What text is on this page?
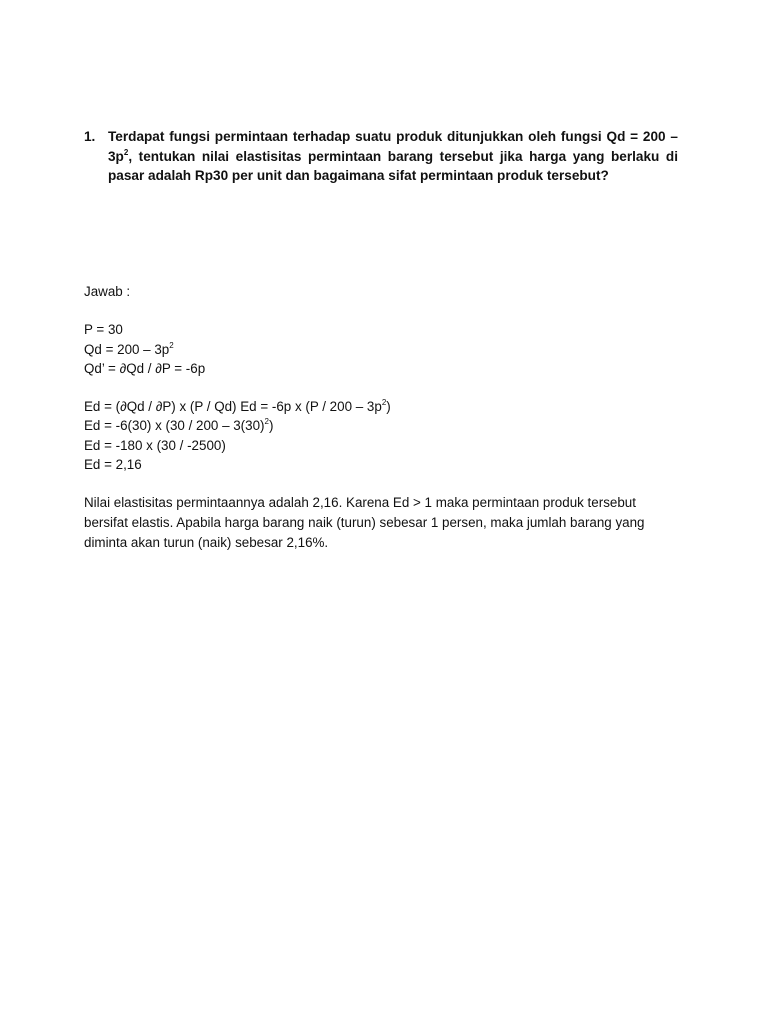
1. Terdapat fungsi permintaan terhadap suatu produk ditunjukkan oleh fungsi $Qd = 200 - 3p^2$, tentukan nilai elastisitas permintaan barang tersebut jika harga yang berlaku di pasar adalah Rp30 per unit dan bagaimana sifat permintaan produk tersebut?
Jawab :
P = 30
$Qd = 200 - 3p^2$
Qd’ = ∂Qd / ∂P = -6p
Ed = (∂Qd / ∂P) x (P / Qd) Ed = -6p x $(P / 200 - 3p^2)$
Ed = -6(30) x $(30 / 200 - 3(30)^2)$
Ed = -180 x (30 / -2500)
Ed = 2,16
Nilai elastisitas permintaannya adalah 2,16. Karena Ed > 1 maka permintaan produk tersebut bersifat elastis. Apabila harga barang naik (turun) sebesar 1 persen, maka jumlah barang yang diminta akan turun (naik) sebesar 2,16%.
